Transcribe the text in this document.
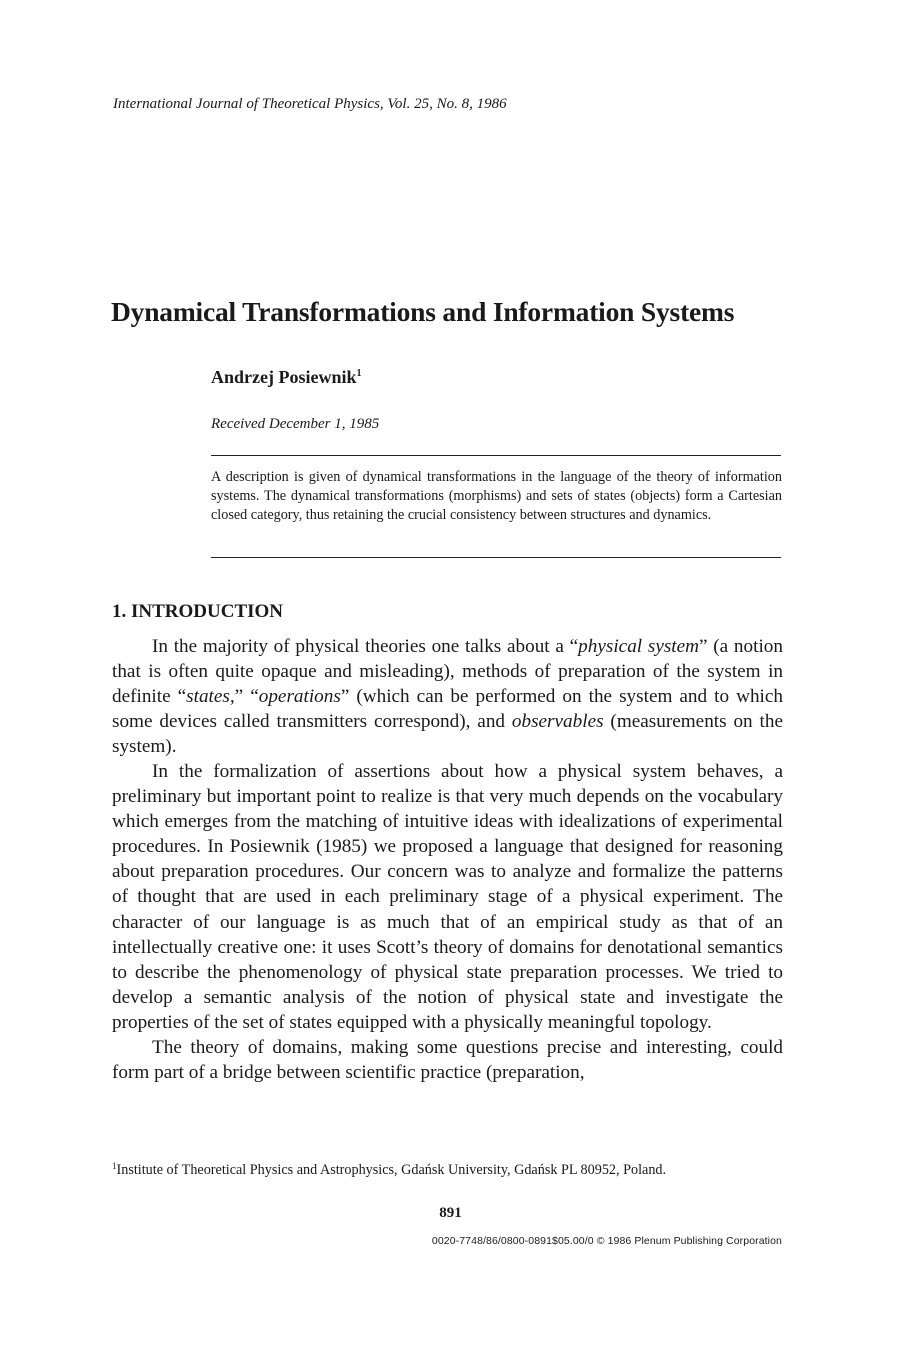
International Journal of Theoretical Physics, Vol. 25, No. 8, 1986
Dynamical Transformations and Information Systems
Andrzej Posiewnik$^1$
Received December 1, 1985

A description is given of dynamical transformations in the language of the theory of information systems. The dynamical transformations (morphisms) and sets of states (objects) form a Cartesian closed category, thus retaining the crucial consistency between structures and dynamics.

1. INTRODUCTION

In the majority of physical theories one talks about a “physical system” (a notion that is often quite opaque and misleading), methods of preparation of the system in definite “states,” “operations” (which can be performed on the system and to which some devices called transmitters correspond), and observables (measurements on the system).

In the formalization of assertions about how a physical system behaves, a preliminary but important point to realize is that very much depends on the vocabulary which emerges from the matching of intuitive ideas with idealizations of experimental procedures. In Posiewnik (1985) we proposed a language that designed for reasoning about preparation procedures. Our concern was to analyze and formalize the patterns of thought that are used in each preliminary stage of a physical experiment. The character of our language is as much that of an empirical study as that of an intellectually creative one: it uses Scott’s theory of domains for denotational semantics to describe the phenomenology of physical state preparation processes. We tried to develop a semantic analysis of the notion of physical state and investigate the properties of the set of states equipped with a physically meaningful topology.

The theory of domains, making some questions precise and interesting, could form part of a bridge between scientific practice (preparation,

$^1$Institute of Theoretical Physics and Astrophysics, Gdańsk University, Gdańsk PL 80952, Poland.

891
0020-7748/86/0800-0891$05.00/0 © 1986 Plenum Publishing Corporation
